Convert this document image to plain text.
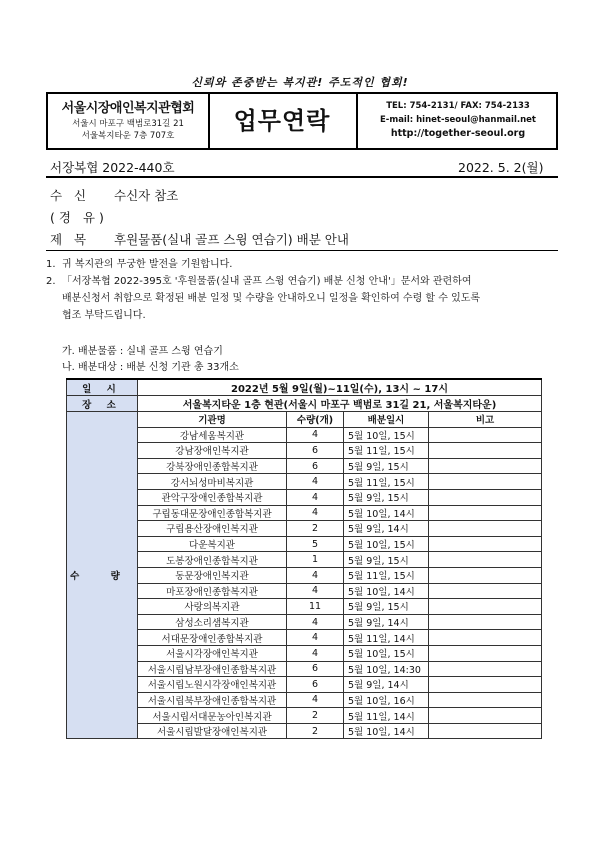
신뢰와 존중받는 복지관! 주도적인 협회!
서울시장애인복지관협회
서울시 마포구 백범로31길 21
서울복지타운 7층 707호
업무연락
TEL: 754-2131/ FAX: 754-2133
E-mail: hinet-seoul@hanmail.net
http://together-seoul.org
서장복협 2022-440호	2022. 5. 2(월)
수 신 수신자 참조
(경 유)
제 목 후원물품(실내 골프 스윙 연습기) 배분 안내
1. 귀 복지관의 무궁한 발전을 기원합니다.
2. 「서장복협 2022-395호 '후원물품(실내 골프 스윙 연습기) 배분 신청 안내'」문서와 관련하여
배분신청서 취합으로 확정된 배분 일정 및 수량을 안내하오니 일정을 확인하여 수령 할 수 있도록
협조 부탁드립니다.
가. 배분물품 : 실내 골프 스윙 연습기
나. 배분대상 : 배분 신청 기관 총 33개소
일 시	2022년 5월 9일(월)~11일(수), 13시 ~ 17시			
장 소	서울복지타운 1층 현관(서울시 마포구 백범로 31길 21, 서울복지타운)			
수 량	기관명	수량(개)	배분일시	비고
	강남세움복지관	4	5월 10일, 15시	
	강남장애인복지관	6	5월 11일, 15시	
	강북장애인종합복지관	6	5월 9일, 15시	
	강서뇌성마비복지관	4	5월 11일, 15시	
	관악구장애인종합복지관	4	5월 9일, 15시	
	구립동대문장애인종합복지관	4	5월 10일, 14시	
	구립용산장애인복지관	2	5월 9일, 14시	
	다운복지관	5	5월 10일, 15시	
	도봉장애인종합복지관	1	5월 9일, 15시	
	동문장애인복지관	4	5월 11일, 15시	
	마포장애인종합복지관	4	5월 10일, 14시	
	사랑의복지관	11	5월 9일, 15시	
	삼성소리샘복지관	4	5월 9일, 14시	
	서대문장애인종합복지관	4	5월 11일, 14시	
	서울시각장애인복지관	4	5월 10일, 15시	
	서울시립남부장애인종합복지관	6	5월 10일, 14:30	
	서울시립노원시각장애인복지관	6	5월 9일, 14시	
	서울시립북부장애인종합복지관	4	5월 10일, 16시	
	서울시립서대문농아인복지관	2	5월 11일, 14시	
	서울시립발달장애인복지관	2	5월 10일, 14시	
